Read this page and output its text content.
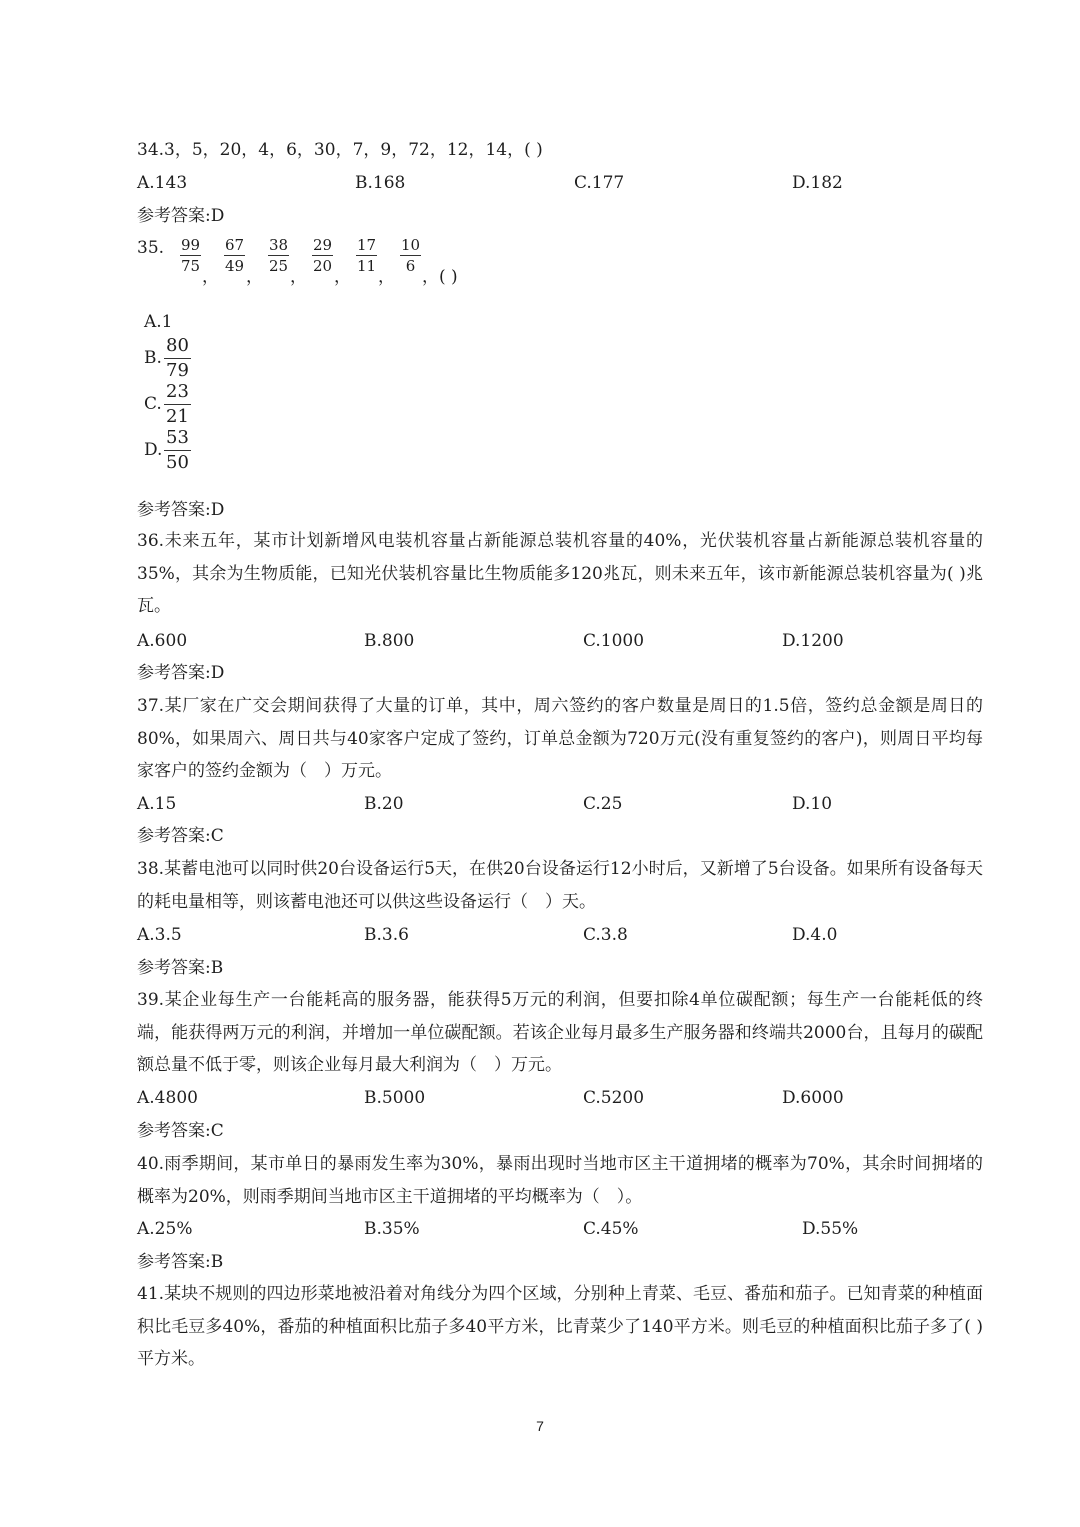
34.3，5，20，4，6，30，7，9，72，12，14，( )
A.143	B.168	C.177	D.182
参考答案:D
35. $\frac{99}{75}$
，
$\frac{67}{49}$
，
$\frac{38}{25}$
，
$\frac{29}{20}$
，
$\frac{17}{11}$
，
$\frac{10}{6}$
，( )
A.1
B. $\frac{80}{79}$
C. $\frac{23}{21}$
D. $\frac{53}{50}$
参考答案:D
36.未来五年，某市计划新增风电装机容量占新能源总装机容量的40%，光伏装机容量占新能源总装机容量的35%，其余为生物质能，已知光伏装机容量比生物质能多120兆瓦，则未来五年，该市新能源总装机容量为( )兆瓦。
A.600	B.800	C.1000	D.1200
参考答案:D
37.某厂家在广交会期间获得了大量的订单，其中，周六签约的客户数量是周日的1.5倍，签约总金额是周日的80%，如果周六、周日共与40家客户定成了签约，订单总金额为720万元(没有重复签约的客户)，则周日平均每家客户的签约金额为（　）万元。
A.15	B.20	C.25	D.10
参考答案:C
38.某蓄电池可以同时供20台设备运行5天，在供20台设备运行12小时后，又新增了5台设备。如果所有设备每天的耗电量相等，则该蓄电池还可以供这些设备运行（　）天。
A.3.5	B.3.6	C.3.8	D.4.0
参考答案:B
39.某企业每生产一台能耗高的服务器，能获得5万元的利润，但要扣除4单位碳配额；每生产一台能耗低的终端，能获得两万元的利润，并增加一单位碳配额。若该企业每月最多生产服务器和终端共2000台，且每月的碳配额总量不低于零，则该企业每月最大利润为（　）万元。
A.4800	B.5000	C.5200	D.6000
参考答案:C
40.雨季期间，某市单日的暴雨发生率为30%，暴雨出现时当地市区主干道拥堵的概率为70%，其余时间拥堵的概率为20%，则雨季期间当地市区主干道拥堵的平均概率为（　）。
A.25%	B.35%	C.45%	D.55%
参考答案:B
41.某块不规则的四边形菜地被沿着对角线分为四个区域，分别种上青菜、毛豆、番茄和茄子。已知青菜的种植面积比毛豆多40%，番茄的种植面积比茄子多40平方米，比青菜少了140平方米。则毛豆的种植面积比茄子多了( )平方米。
7
